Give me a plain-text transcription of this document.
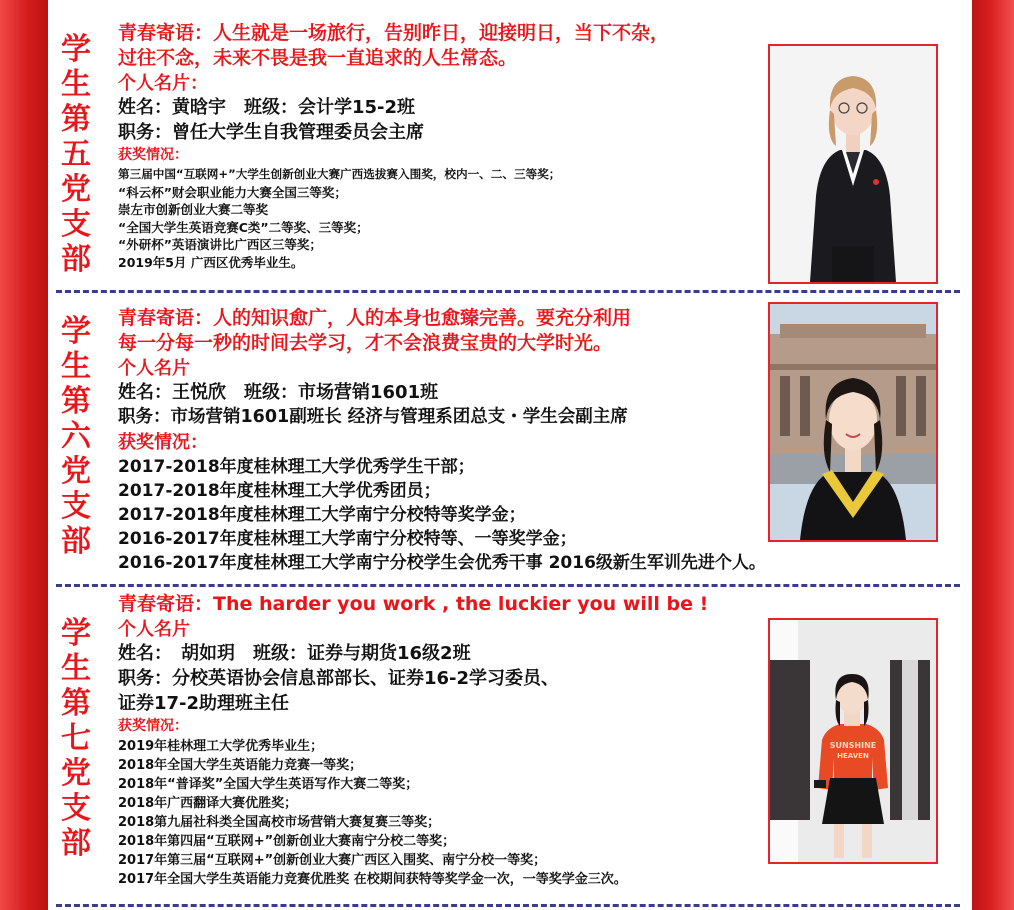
学
生
第
五
党
支
部
青春寄语：人生就是一场旅行，告别昨日，迎接明日，当下不杂，
过往不念，未来不畏是我一直追求的人生常态。
个人名片：
姓名：黄晗宇　班级：会计学15-2班
职务：曾任大学生自我管理委员会主席
获奖情况：
第三届中国“互联网+”大学生创新创业大赛广西选拔赛入围奖，校内一、二、三等奖；
“科云杯”财会职业能力大赛全国三等奖；
崇左市创新创业大赛二等奖
“全国大学生英语竞赛C类”二等奖、三等奖；
“外研杯”英语演讲比广西区三等奖；
2019年5月 广西区优秀毕业生。
学
生
第
六
党
支
部
青春寄语：人的知识愈广，人的本身也愈臻完善。要充分利用
每一分每一秒的时间去学习，才不会浪费宝贵的大学时光。
个人名片
姓名：王悦欣　班级：市场营销1601班
职务：市场营销1601副班长 经济与管理系团总支・学生会副主席
获奖情况：
2017-2018年度桂林理工大学优秀学生干部；
2017-2018年度桂林理工大学优秀团员；
2017-2018年度桂林理工大学南宁分校特等奖学金；
2016-2017年度桂林理工大学南宁分校特等、一等奖学金；
2016-2017年度桂林理工大学南宁分校学生会优秀干事 2016级新生军训先进个人。
学
生
第
七
党
支
部
青春寄语：The harder you work , the luckier you will be !
个人名片
姓名：　胡如玥　班级：证券与期货16级2班
职务：分校英语协会信息部部长、证券16-2学习委员、
证券17-2助理班主任
获奖情况：
2019年桂林理工大学优秀毕业生；
2018年全国大学生英语能力竞赛一等奖；
2018年“普译奖”全国大学生英语写作大赛二等奖；
2018年广西翻译大赛优胜奖；
2018第九届社科类全国高校市场营销大赛复赛三等奖；
2018年第四届“互联网+”创新创业大赛南宁分校二等奖；
2017年第三届“互联网+”创新创业大赛广西区入围奖、南宁分校一等奖；
2017年全国大学生英语能力竞赛优胜奖 在校期间获特等奖学金一次，一等奖学金三次。
SUNSHINE
HEAVEN
